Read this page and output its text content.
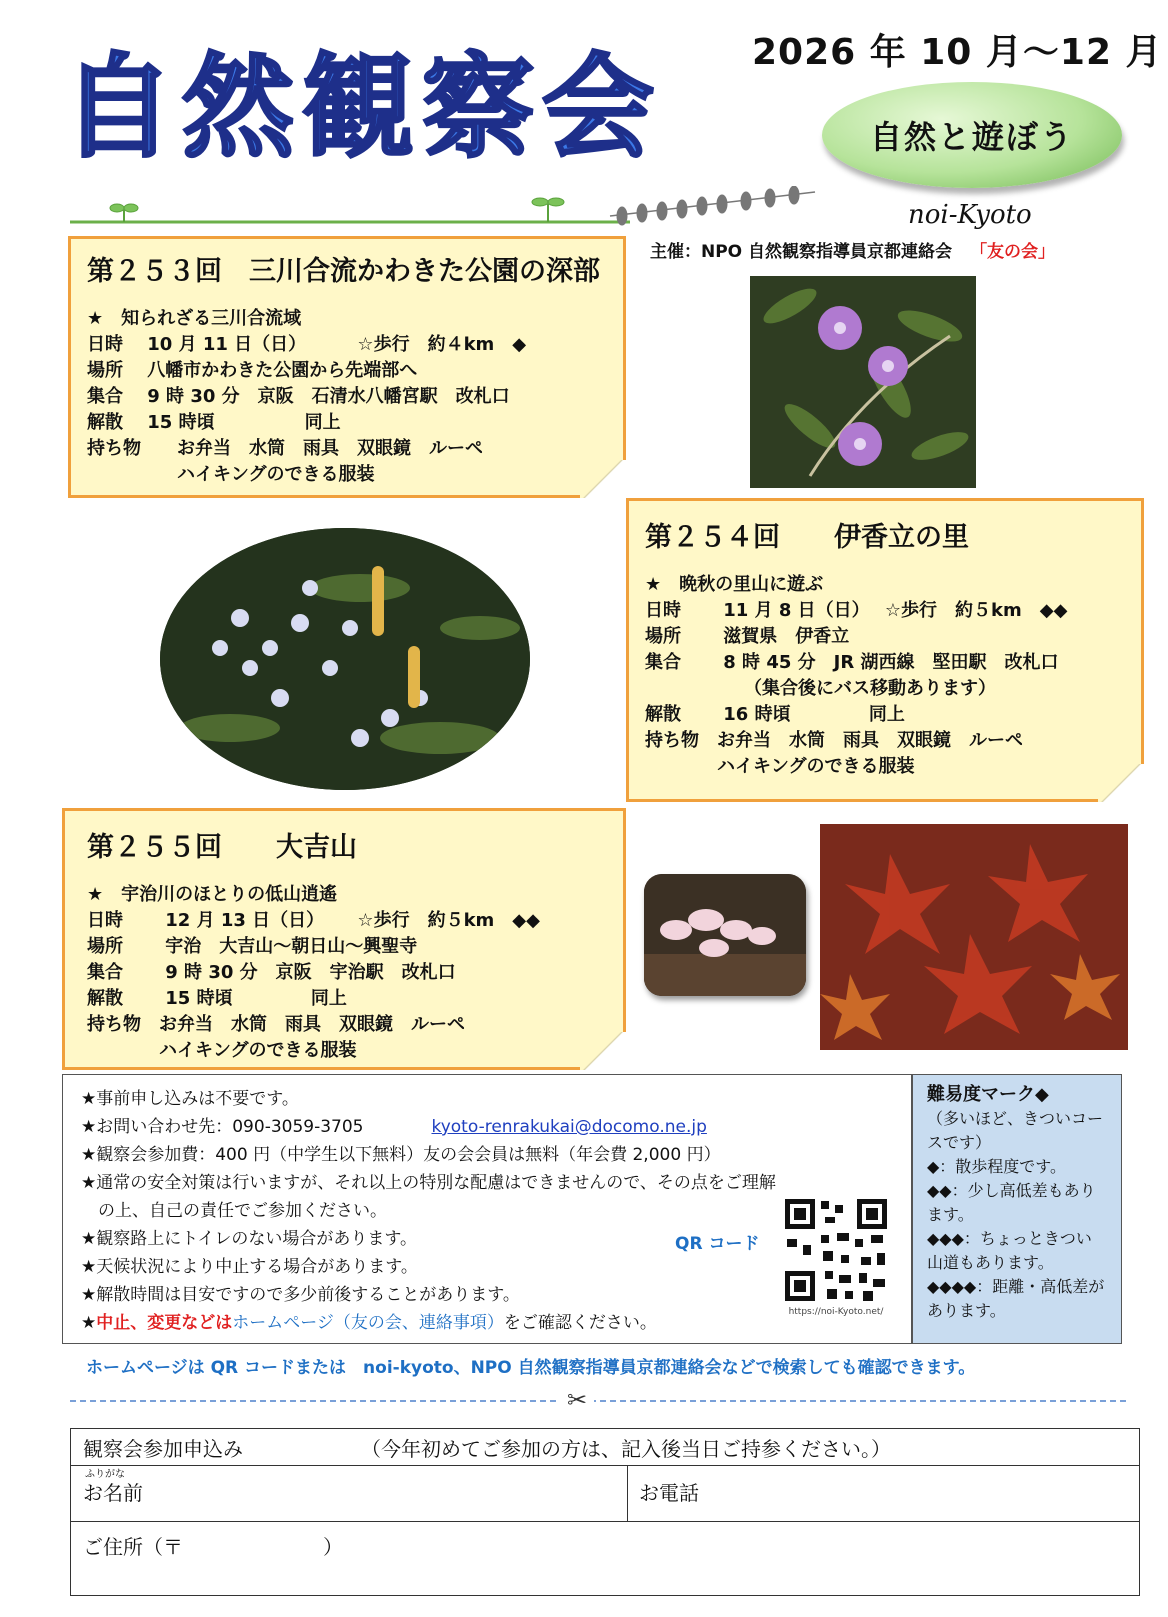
2026 年 10 月～12 月
自然観察会	自然と遊ぼう
noi-Kyoto
主催：NPO 自然観察指導員京都連絡会 「友の会」
第２５３回　三川合流かわきた公園の深部
★　知られざる三川合流域
日時　 10 月 11 日（日）　　　 ☆歩行　約４km　◆
場所　 八幡市かわきた公園から先端部へ
集合　 9 時 30 分　京阪　石清水八幡宮駅　改札口
解散　 15 時頃　　　　　同上
持ち物　　お弁当　水筒　雨具　双眼鏡　ルーペ
　　　　　ハイキングのできる服装
第２５４回　　伊香立の里
★　晩秋の里山に遊ぶ
日時　　 11 月 8 日（日）　 ☆歩行　約５km　◆◆
場所　　 滋賀県　伊香立
集合　　 8 時 45 分　JR 湖西線　堅田駅　改札口
　　　　　　（集合後にバス移動あります）
解散　　 16 時頃　　　　 同上
持ち物　お弁当　水筒　雨具　双眼鏡　ルーペ
　　　　ハイキングのできる服装
第２５５回　　大吉山
★　宇治川のほとりの低山逍遙
日時　　 12 月 13 日（日）　　 ☆歩行　約５km　◆◆
場所　　 宇治　大吉山～朝日山～興聖寺
集合　　 9 時 30 分　京阪　宇治駅　改札口
解散　　 15 時頃　　　　 同上
持ち物　お弁当　水筒　雨具　双眼鏡　ルーペ
　　　　ハイキングのできる服装
★事前申し込みは不要です。
★お問い合わせ先：090-3059-3705　　　　	kyoto-renrakukai@docomo.ne.jp
★観察会参加費：400 円（中学生以下無料）友の会会員は無料（年会費 2,000 円）
★通常の安全対策は行いますが、それ以上の特別な配慮はできませんので、その点をご理解
　の上、自己の責任でご参加ください。
★観察路上にトイレのない場合があります。
★天候状況により中止する場合があります。
★解散時間は目安ですので多少前後することがあります。
★中止、変更などはホームページ（友の会、連絡事項）をご確認ください。
QR コード
https://noi-Kyoto.net/
難易度マーク◆
（多いほど、きついコースです）
◆：散歩程度です。
◆◆：少し高低差もあります。
◆◆◆：ちょっときつい山道もあります。
◆◆◆◆：距離・高低差があります。
ホームページは QR コードまたは　noi-kyoto、NPO 自然観察指導員京都連絡会などで検索しても確認できます。
✂
観察会参加申込み	（今年初めてご参加の方は、記入後当日ご持参ください。）
ふりがな
お名前	お電話
ご住所（〒　　　　　　　）
